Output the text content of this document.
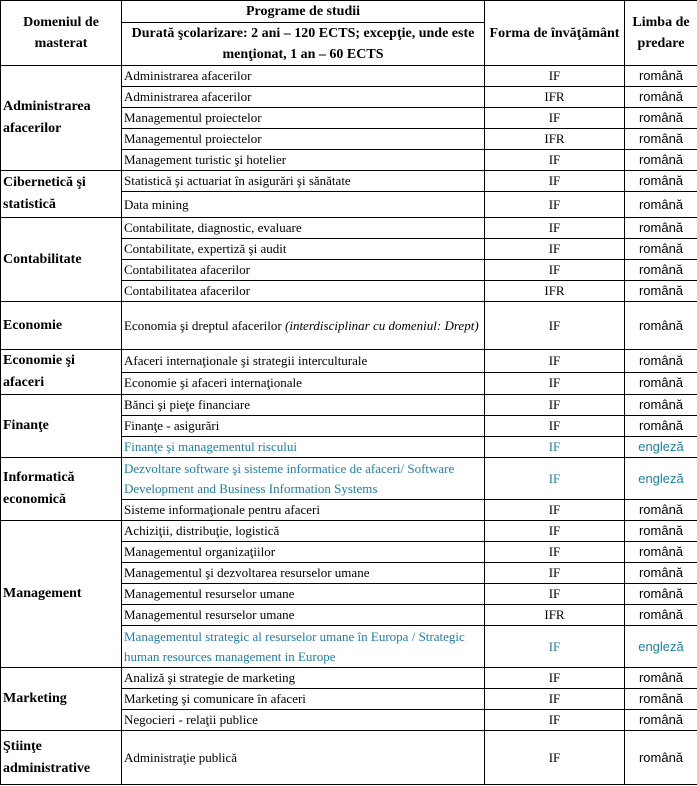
Domeniul de masterat	Programe de studii	Forma de învăţământ	Limba de predare
	Durată şcolarizare: 2 ani – 120 ECTS; excepţie, unde este menţionat, 1 an – 60 ECTS		
Administrarea afacerilor	Administrarea afacerilor	IF	română
	Administrarea afacerilor	IFR	română
	Managementul proiectelor	IF	română
	Managementul proiectelor	IFR	română
	Management turistic şi hotelier	IF	română
Cibernetică şi statistică	Statistică şi actuariat în asigurări şi sănătate	IF	română
	Data mining	IF	română
Contabilitate	Contabilitate, diagnostic, evaluare	IF	română
	Contabilitate, expertiză şi audit	IF	română
	Contabilitatea afacerilor	IF	română
	Contabilitatea afacerilor	IFR	română
Economie	Economia şi dreptul afacerilor (interdisciplinar cu domeniul: Drept)	IF	română
Economie şi afaceri	Afaceri internaţionale şi strategii interculturale	IF	română
	Economie şi afaceri internaţionale	IF	română
Finanţe	Bănci şi pieţe financiare	IF	română
	Finanţe - asigurări	IF	română
	Finanţe şi managementul riscului	IF	engleză
Informatică economică	Dezvoltare software şi sisteme informatice de afaceri/ Software Development and Business Information Systems	IF	engleză
	Sisteme informaţionale pentru afaceri	IF	română
Management	Achiziţii, distribuţie, logistică	IF	română
	Managementul organizaţiilor	IF	română
	Managementul şi dezvoltarea resurselor umane	IF	română
	Managementul resurselor umane	IF	română
	Managementul resurselor umane	IFR	română
	Managementul strategic al resurselor umane în Europa / Strategic human resources management in Europe	IF	engleză
Marketing	Analiză şi strategie de marketing	IF	română
	Marketing şi comunicare în afaceri	IF	română
	Negocieri - relaţii publice	IF	română
Ştiinţe administrative	Administraţie publică	IF	română
